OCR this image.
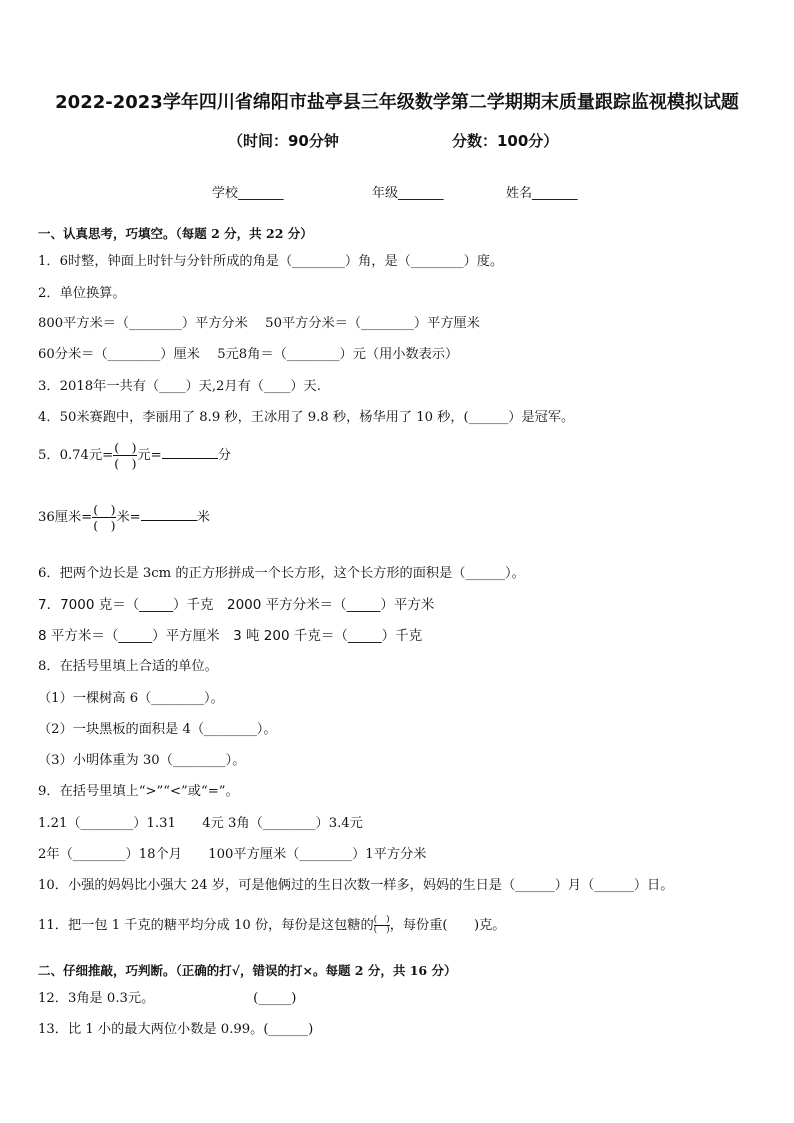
2022-2023学年四川省绵阳市盐亭县三年级数学第二学期期末质量跟踪监视模拟试题
（时间：90分钟	分数：100分）
学校_______	年级_______	姓名_______
一、认真思考，巧填空。（每题 2 分，共 22 分）
1．6时整，钟面上时针与分针所成的角是（________）角，是（________）度。
2．单位换算。
800平方米＝（________）平方分米　 50平方分米＝（________）平方厘米
60分米＝（________）厘米　 5元8角＝（________）元（用小数表示）
3．2018年一共有（____）天,2月有（____）天.
4．50米赛跑中，李丽用了 8.9 秒，王冰用了 9.8 秒，杨华用了 10 秒，(______）是冠军。
5．0.74元= $\frac{( )}{( )}$ 元=	分
36厘米= $\frac{( )}{( )}$ 米=	米
6．把两个边长是 3cm 的正方形拼成一个长方形，这个长方形的面积是（______）。
7．7000 克＝（_____）千克　2000 平方分米＝（_____）平方米
8 平方米＝（_____）平方厘米　3 吨 200 千克＝（_____）千克
8．在括号里填上合适的单位。
（1）一棵树高 6（________）。
（2）一块黑板的面积是 4（________）。
（3）小明体重为 30（________）。
9．在括号里填上“>”“<”或“=”。
1.21（________）1.31　　4元 3角（________）3.4元
2年（________）18个月　　100平方厘米（________）1平方分米
10．小强的妈妈比小强大 24 岁，可是他俩过的生日次数一样多，妈妈的生日是（______）月（______）日。
11．把一包 1 千克的糖平均分成 10 份，每份是这包糖的 $\frac{( )}{( )}$ ，每份重(　　)克。
二、仔细推敲，巧判断。（正确的打√，错误的打×。每题 2 分，共 16 分）
12．3角是 0.3元。　　　　　　　　(_____)
13．比 1 小的最大两位小数是 0.99。(______)
